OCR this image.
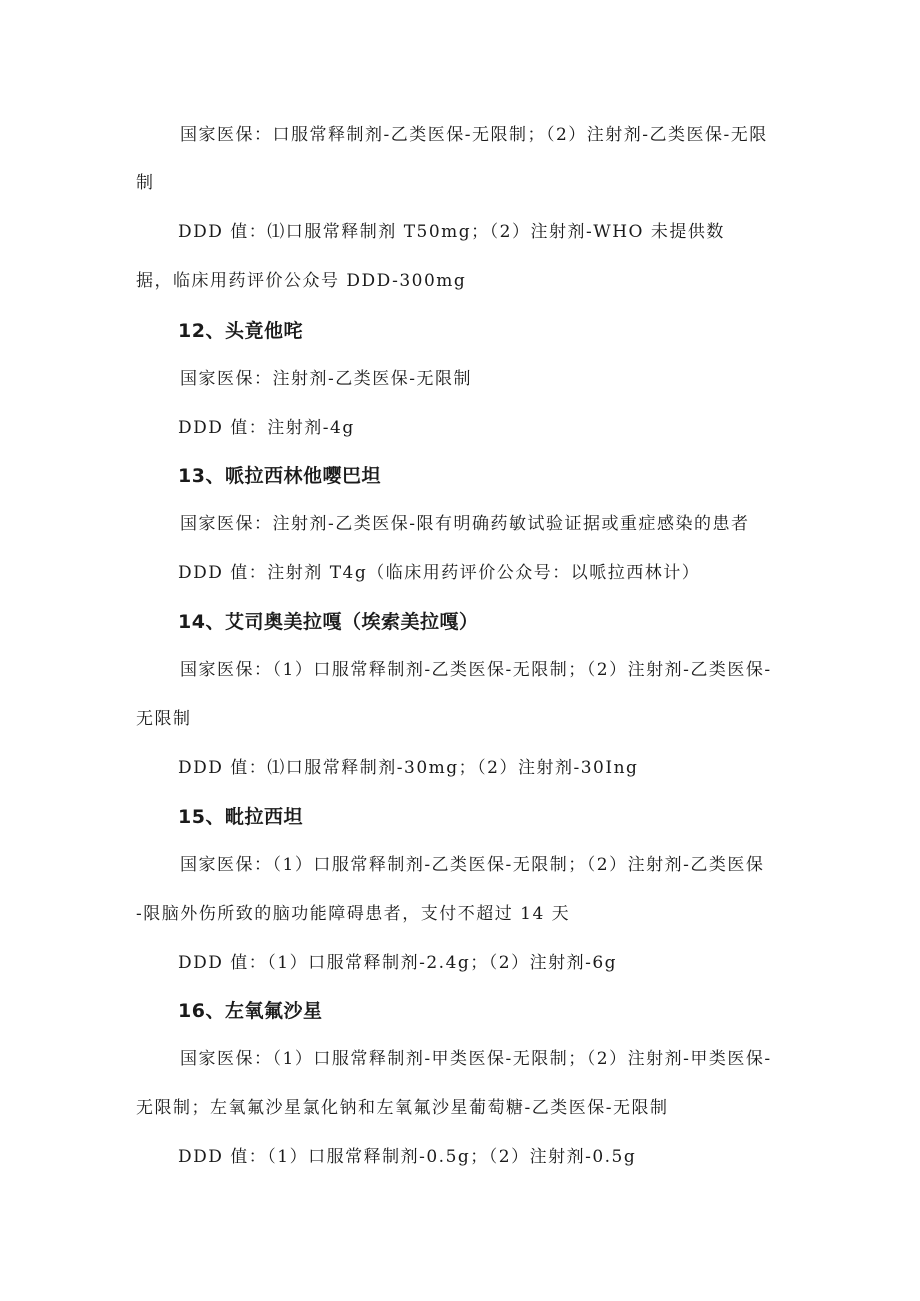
国家医保：口服常释制剂-乙类医保-无限制；（2）注射剂-乙类医保-无限
制
DDD 值：⑴口服常释制剂 T50mg；（2）注射剂-WHO 未提供数
据，临床用药评价公众号 DDD-300mg
12、头竟他咤
国家医保：注射剂-乙类医保-无限制
DDD 值：注射剂-4g
13、哌拉西林他嘤巴坦
国家医保：注射剂-乙类医保-限有明确药敏试验证据或重症感染的患者
DDD 值：注射剂 T4g（临床用药评价公众号：以哌拉西林计）
14、艾司奥美拉嘎（埃索美拉嘎）
国家医保：（1）口服常释制剂-乙类医保-无限制；（2）注射剂-乙类医保-
无限制
DDD 值：⑴口服常释制剂-30mg；（2）注射剂-30Ing
15、毗拉西坦
国家医保：（1）口服常释制剂-乙类医保-无限制；（2）注射剂-乙类医保
-限脑外伤所致的脑功能障碍患者，支付不超过 14 天
DDD 值：（1）口服常释制剂-2.4g；（2）注射剂-6g
16、左氧氟沙星
国家医保：（1）口服常释制剂-甲类医保-无限制；（2）注射剂-甲类医保-
无限制；左氧氟沙星氯化钠和左氧氟沙星葡萄糖-乙类医保-无限制
DDD 值：（1）口服常释制剂-0.5g；（2）注射剂-0.5g
